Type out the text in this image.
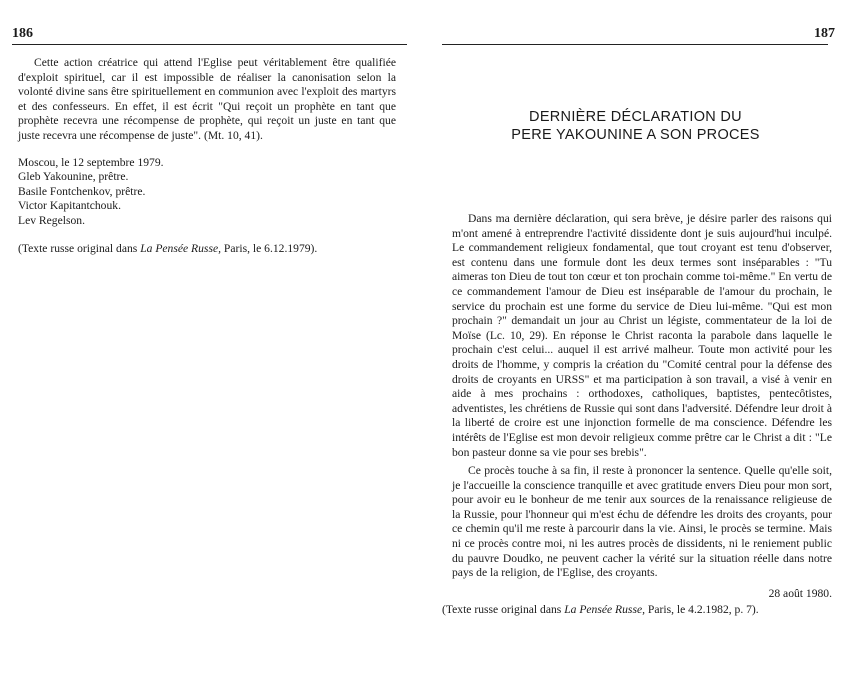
186

Cette action créatrice qui attend l'Eglise peut véritablement être qualifiée d'exploit spirituel, car il est impossible de réaliser la canonisation selon la volonté divine sans être spirituellement en communion avec l'exploit des martyrs et des confesseurs. En effet, il est écrit "Qui reçoit un prophète en tant que prophète recevra une récompense de prophète, qui reçoit un juste en tant que juste recevra une récompense de juste". (Mt. 10, 41).

Moscou, le 12 septembre 1979.
Gleb Yakounine, prêtre.
Basile Fontchenkov, prêtre.
Victor Kapitantchouk.
Lev Regelson.
(Texte russe original dans La Pensée Russe, Paris, le 6.12.1979).
187
DERNIÈRE DÉCLARATION DU
PERE YAKOUNINE A SON PROCES

Dans ma dernière déclaration, qui sera brève, je désire parler des raisons qui m'ont amené à entreprendre l'activité dissidente dont je suis aujourd'hui inculpé. Le commandement religieux fondamental, que tout croyant est tenu d'observer, est contenu dans une formule dont les deux termes sont inséparables : "Tu aimeras ton Dieu de tout ton cœur et ton prochain comme toi-même." En vertu de ce commandement l'amour de Dieu est inséparable de l'amour du prochain, le service du prochain est une forme du service de Dieu lui-même. "Qui est mon prochain ?" demandait un jour au Christ un légiste, commentateur de la loi de Moïse (Lc. 10, 29). En réponse le Christ raconta la parabole dans laquelle le prochain c'est celui... auquel il est arrivé malheur. Toute mon activité pour les droits de l'homme, y compris la création du "Comité central pour la défense des droits de croyants en URSS" et ma participation à son travail, a visé à venir en aide à mes prochains : orthodoxes, catholiques, baptistes, pentecôtistes, adventistes, les chrétiens de Russie qui sont dans l'adversité. Défendre leur droit à la liberté de croire est une injonction formelle de ma conscience. Défendre les intérêts de l'Eglise est mon devoir religieux comme prêtre car le Christ a dit : "Le bon pasteur donne sa vie pour ses brebis".

Ce procès touche à sa fin, il reste à prononcer la sentence. Quelle qu'elle soit, je l'accueille la conscience tranquille et avec gratitude envers Dieu pour mon sort, pour avoir eu le bonheur de me tenir aux sources de la renaissance religieuse de la Russie, pour l'honneur qui m'est échu de défendre les droits des croyants, pour ce chemin qu'il me reste à parcourir dans la vie. Ainsi, le procès se termine. Mais ni ce procès contre moi, ni les autres procès de dissidents, ni le reniement public du pauvre Doudko, ne peuvent cacher la vérité sur la situation réelle dans notre pays de la religion, de l'Eglise, des croyants.

28 août 1980.
(Texte russe original dans La Pensée Russe, Paris, le 4.2.1982, p. 7).
